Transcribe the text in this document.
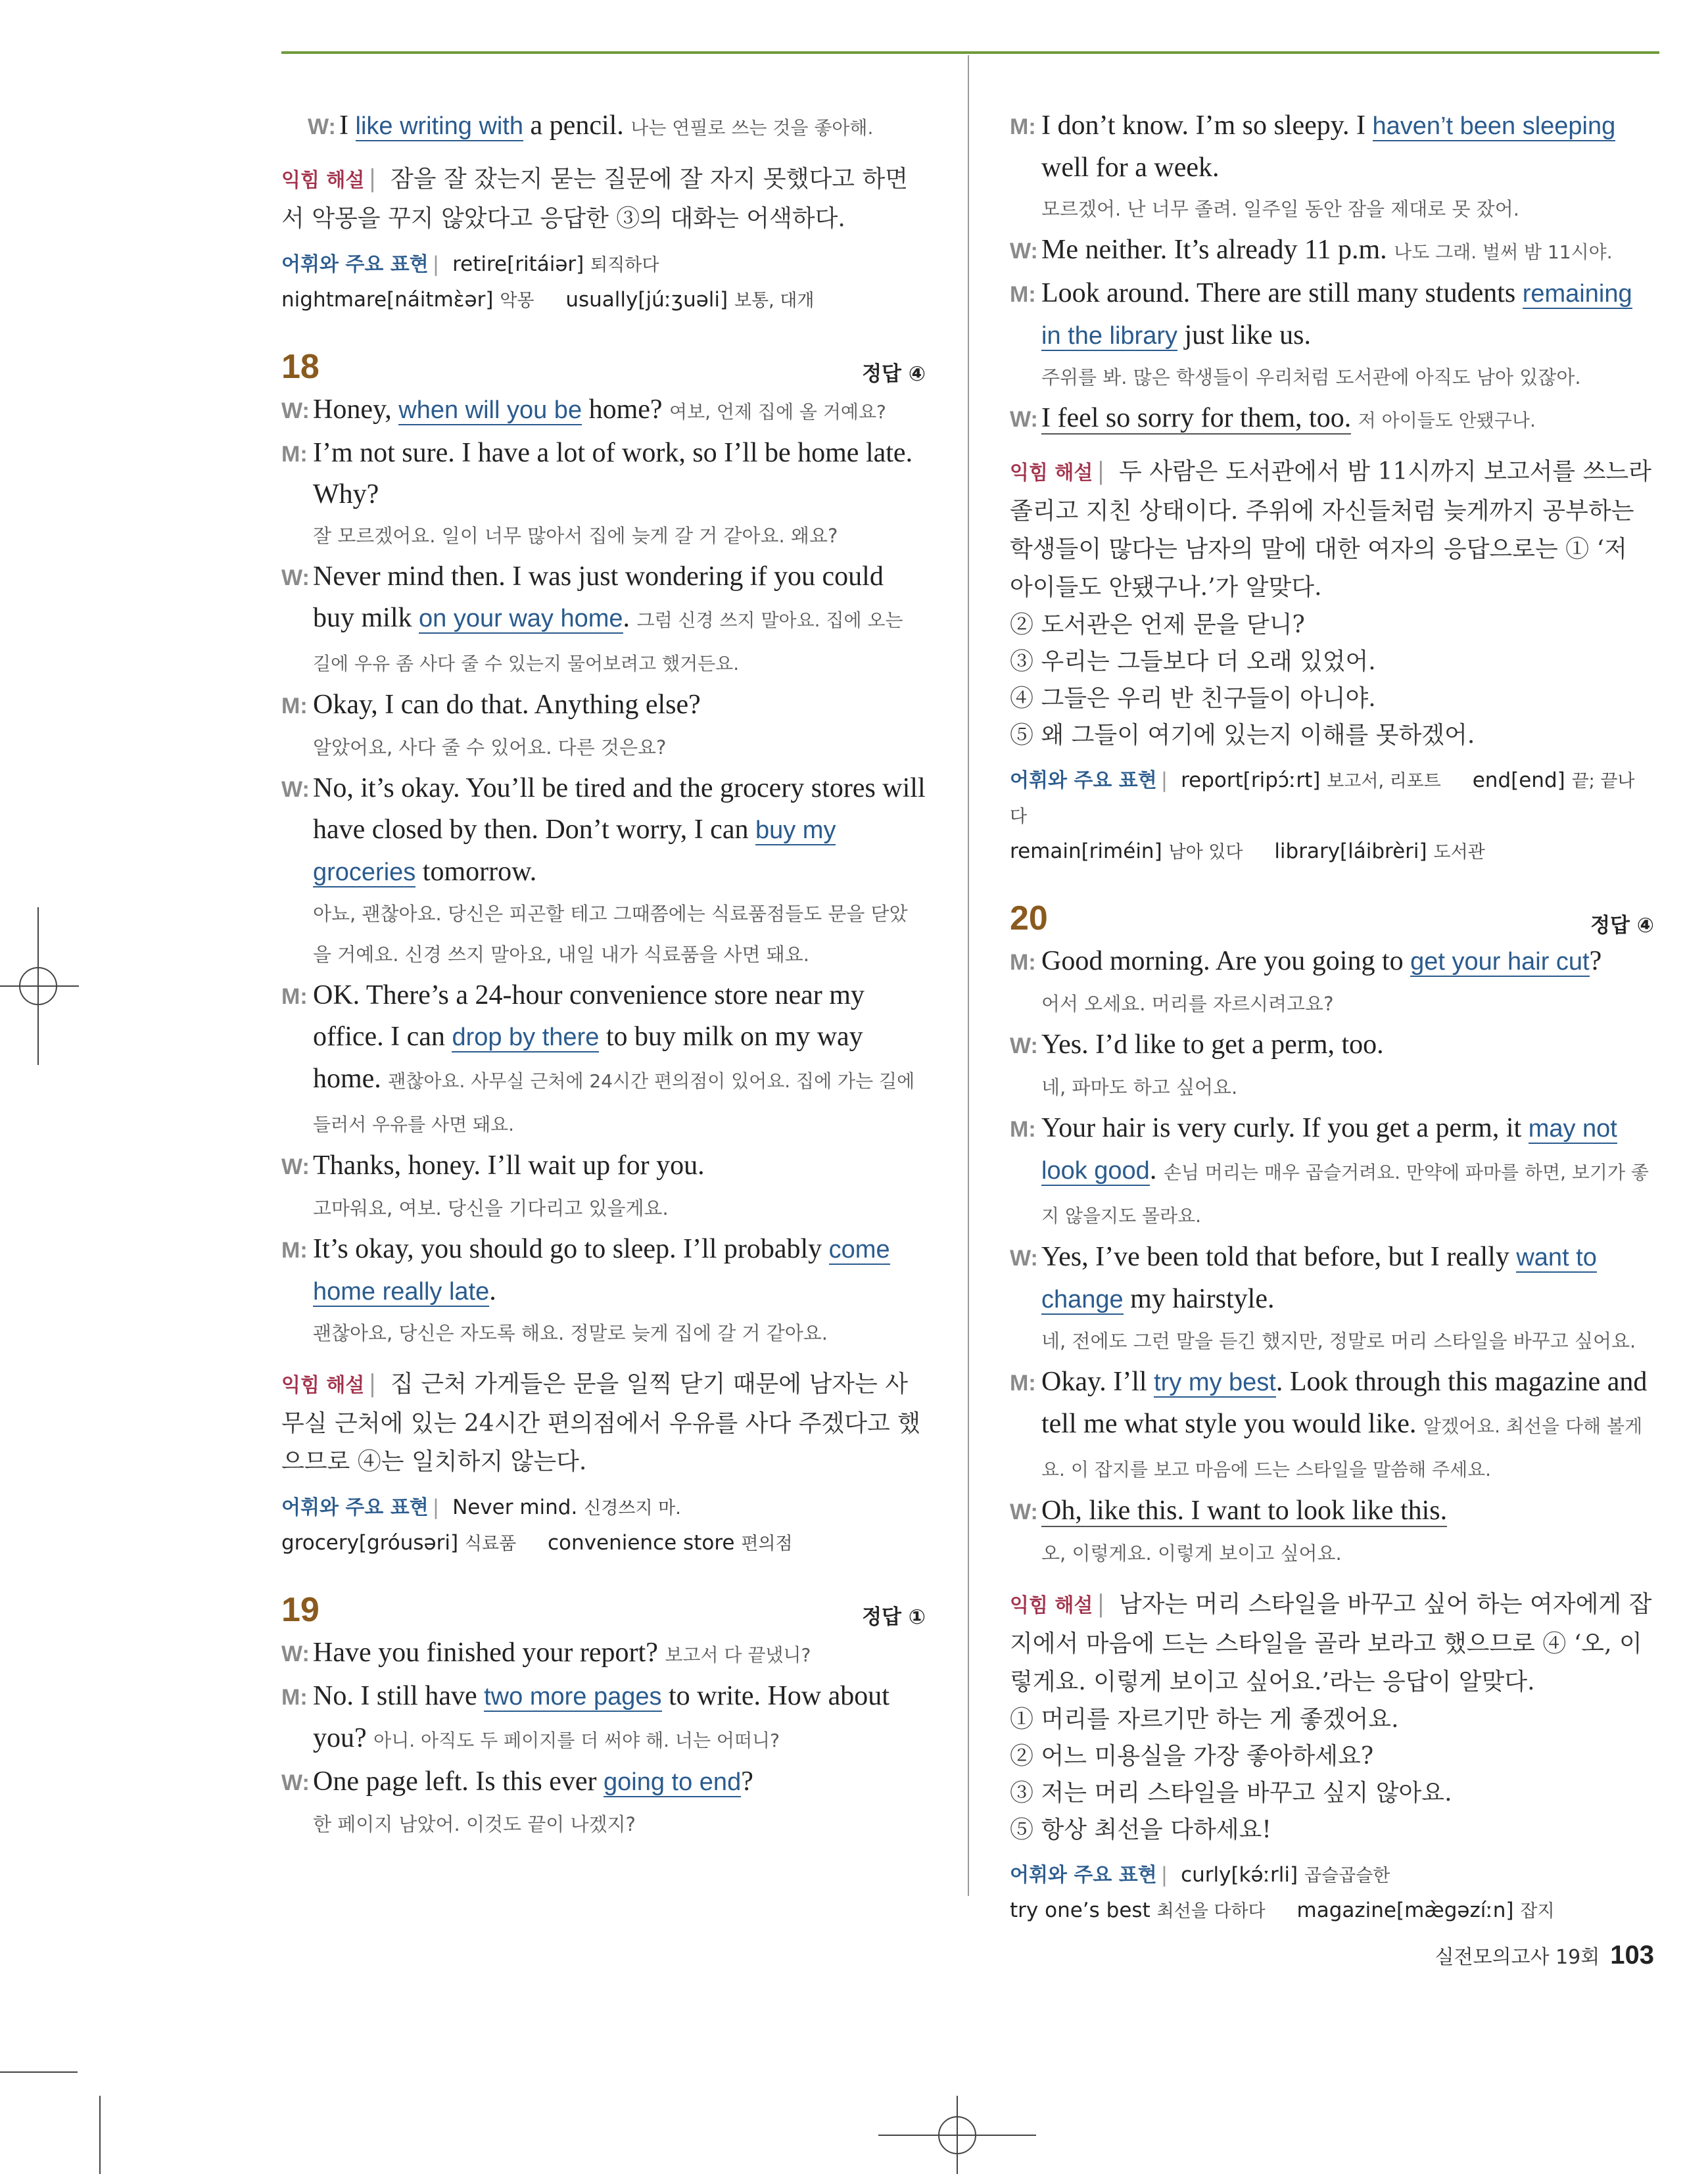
W: I like writing with a pencil. 나는 연필로 쓰는 것을 좋아해.
익힘 해설 | 잠을 잘 잤는지 묻는 질문에 잘 자지 못했다고 하면서 악몽을 꾸지 않았다고 응답한 ③의 대화는 어색하다.
어휘와 주요 표현 | retire[ritáiər] 퇴직하다
nightmare[náitmɛ̀ər] 악몽 usually[júːʒuəli] 보통, 대개
18	정답 ④
W: Honey, when will you be home? 여보, 언제 집에 올 거예요?
M: I’m not sure. I have a lot of work, so I’ll be home late. Why?
잘 모르겠어요. 일이 너무 많아서 집에 늦게 갈 거 같아요. 왜요?
W: Never mind then. I was just wondering if you could buy milk on your way home. 그럼 신경 쓰지 말아요. 집에 오는 길에 우유 좀 사다 줄 수 있는지 물어보려고 했거든요.
M: Okay, I can do that. Anything else?
알았어요, 사다 줄 수 있어요. 다른 것은요?
W: No, it’s okay. You’ll be tired and the grocery stores will have closed by then. Don’t worry, I can buy my groceries tomorrow.
아뇨, 괜찮아요. 당신은 피곤할 테고 그때쯤에는 식료품점들도 문을 닫았을 거예요. 신경 쓰지 말아요, 내일 내가 식료품을 사면 돼요.
M: OK. There’s a 24-hour convenience store near my office. I can drop by there to buy milk on my way home. 괜찮아요. 사무실 근처에 24시간 편의점이 있어요. 집에 가는 길에 들러서 우유를 사면 돼요.
W: Thanks, honey. I’ll wait up for you.
고마워요, 여보. 당신을 기다리고 있을게요.
M: It’s okay, you should go to sleep. I’ll probably come home really late.
괜찮아요, 당신은 자도록 해요. 정말로 늦게 집에 갈 거 같아요.
익힘 해설 | 집 근처 가게들은 문을 일찍 닫기 때문에 남자는 사무실 근처에 있는 24시간 편의점에서 우유를 사다 주겠다고 했으므로 ④는 일치하지 않는다.
어휘와 주요 표현 | Never mind. 신경쓰지 마.
grocery[gróusəri] 식료품 convenience store 편의점
19	정답 ①
W: Have you finished your report? 보고서 다 끝냈니?
M: No. I still have two more pages to write. How about you? 아니. 아직도 두 페이지를 더 써야 해. 너는 어떠니?
W: One page left. Is this ever going to end?
한 페이지 남았어. 이것도 끝이 나겠지?
M: I don’t know. I’m so sleepy. I haven’t been sleeping well for a week.
모르겠어. 난 너무 졸려. 일주일 동안 잠을 제대로 못 잤어.
W: Me neither. It’s already 11 p.m. 나도 그래. 벌써 밤 11시야.
M: Look around. There are still many students remaining in the library just like us.
주위를 봐. 많은 학생들이 우리처럼 도서관에 아직도 남아 있잖아.
W: I feel so sorry for them, too. 저 아이들도 안됐구나.
익힘 해설 | 두 사람은 도서관에서 밤 11시까지 보고서를 쓰느라 졸리고 지친 상태이다. 주위에 자신들처럼 늦게까지 공부하는 학생들이 많다는 남자의 말에 대한 여자의 응답으로는 ① ‘저 아이들도 안됐구나.’가 알맞다.
② 도서관은 언제 문을 닫니?
③ 우리는 그들보다 더 오래 있었어.
④ 그들은 우리 반 친구들이 아니야.
⑤ 왜 그들이 여기에 있는지 이해를 못하겠어.
어휘와 주요 표현 | report[ripɔ́ːrt] 보고서, 리포트 end[end] 끝; 끝나다
remain[riméin] 남아 있다 library[láibrèri] 도서관
20	정답 ④
M: Good morning. Are you going to get your hair cut?
어서 오세요. 머리를 자르시려고요?
W: Yes. I’d like to get a perm, too.
네, 파마도 하고 싶어요.
M: Your hair is very curly. If you get a perm, it may not look good. 손님 머리는 매우 곱슬거려요. 만약에 파마를 하면, 보기가 좋지 않을지도 몰라요.
W: Yes, I’ve been told that before, but I really want to change my hairstyle.
네, 전에도 그런 말을 듣긴 했지만, 정말로 머리 스타일을 바꾸고 싶어요.
M: Okay. I’ll try my best. Look through this magazine and tell me what style you would like. 알겠어요. 최선을 다해 볼게요. 이 잡지를 보고 마음에 드는 스타일을 말씀해 주세요.
W: Oh, like this. I want to look like this.
오, 이렇게요. 이렇게 보이고 싶어요.
익힘 해설 | 남자는 머리 스타일을 바꾸고 싶어 하는 여자에게 잡지에서 마음에 드는 스타일을 골라 보라고 했으므로 ④ ‘오, 이렇게요. 이렇게 보이고 싶어요.’라는 응답이 알맞다.
① 머리를 자르기만 하는 게 좋겠어요.
② 어느 미용실을 가장 좋아하세요?
③ 저는 머리 스타일을 바꾸고 싶지 않아요.
⑤ 항상 최선을 다하세요!
어휘와 주요 표현 | curly[kə́ːrli] 곱슬곱슬한
try one’s best 최선을 다하다 magazine[mæ̀gəzíːn] 잡지
실전모의고사 19회 103
